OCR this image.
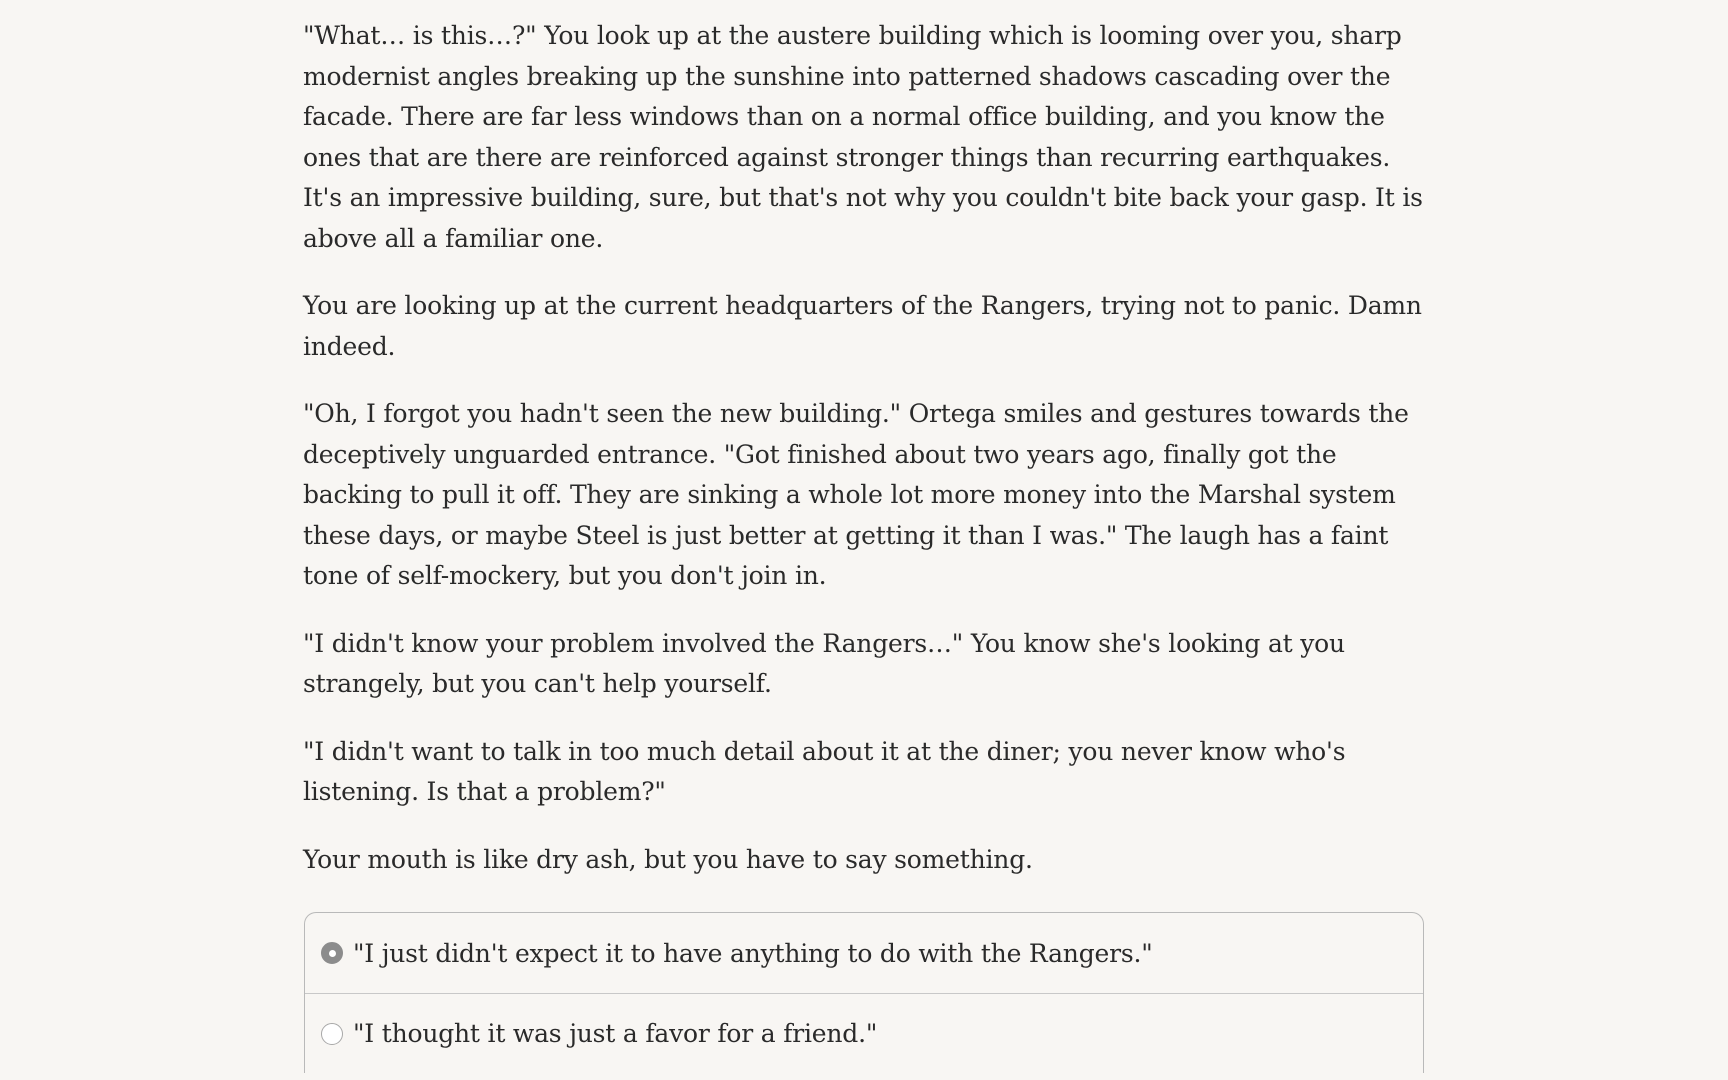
"What… is this…?" You look up at the austere building which is looming over you, sharp modernist angles breaking up the sunshine into patterned shadows cascading over the facade. There are far less windows than on a normal office building, and you know the ones that are there are reinforced against stronger things than recurring earthquakes. It's an impressive building, sure, but that's not why you couldn't bite back your gasp. It is above all a familiar one.

You are looking up at the current headquarters of the Rangers, trying not to panic. Damn indeed.

"Oh, I forgot you hadn't seen the new building." Ortega smiles and gestures towards the deceptively unguarded entrance. "Got finished about two years ago, finally got the backing to pull it off. They are sinking a whole lot more money into the Marshal system these days, or maybe Steel is just better at getting it than I was." The laugh has a faint tone of self-mockery, but you don't join in.

"I didn't know your problem involved the Rangers…" You know she's looking at you strangely, but you can't help yourself.

"I didn't want to talk in too much detail about it at the diner; you never know who's listening. Is that a problem?"

Your mouth is like dry ash, but you have to say something.

"I just didn't expect it to have anything to do with the Rangers."
"I thought it was just a favor for a friend."
